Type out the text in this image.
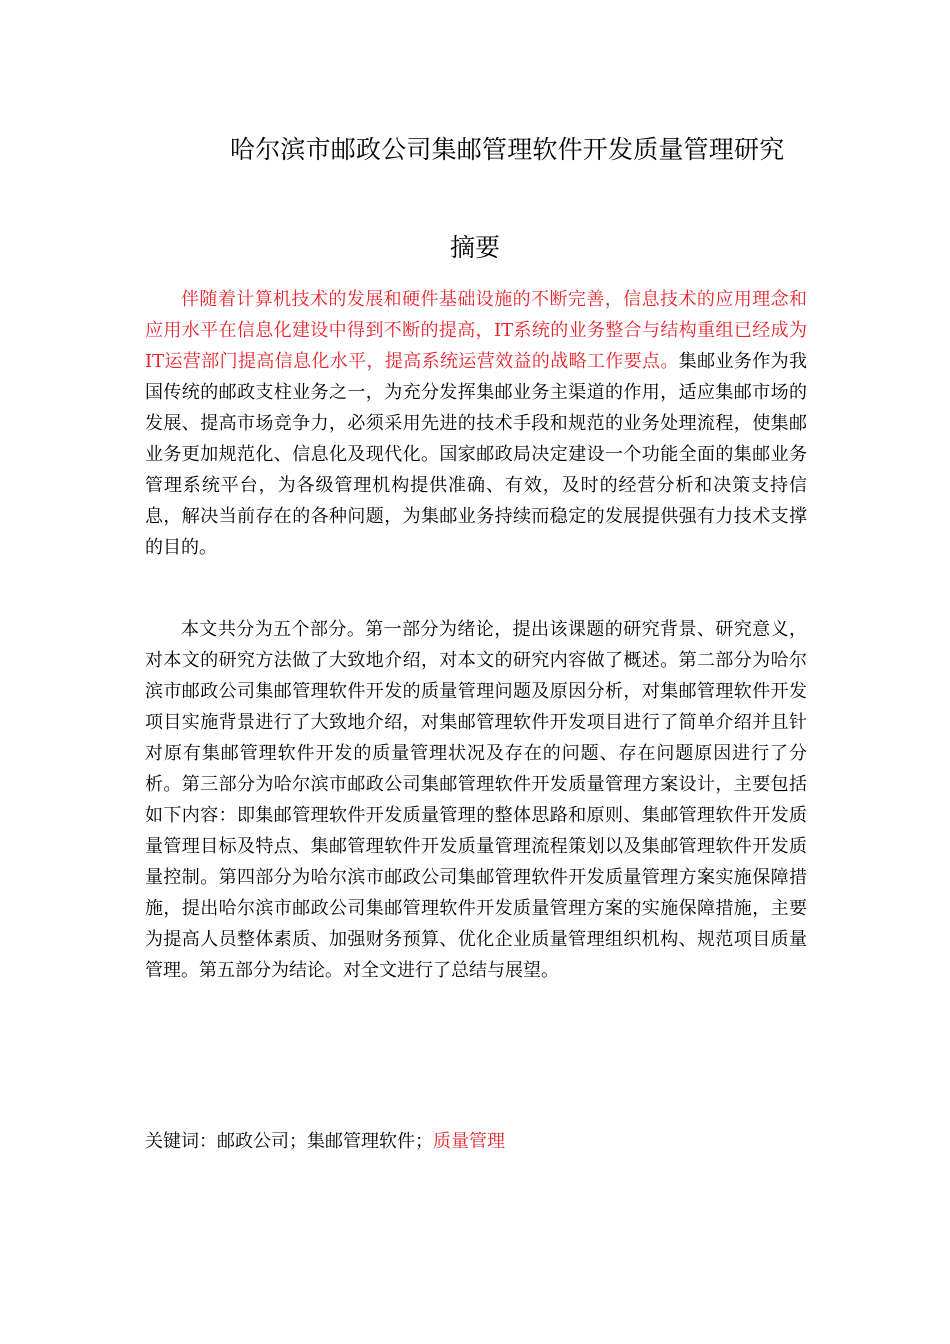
哈尔滨市邮政公司集邮管理软件开发质量管理研究
摘要

伴随着计算机技术的发展和硬件基础设施的不断完善，信息技术的应用理念和应用水平在信息化建设中得到不断的提高，IT系统的业务整合与结构重组已经成为IT运营部门提高信息化水平，提高系统运营效益的战略工作要点。集邮业务作为我国传统的邮政支柱业务之一，为充分发挥集邮业务主渠道的作用，适应集邮市场的发展、提高市场竞争力，必须采用先进的技术手段和规范的业务处理流程，使集邮业务更加规范化、信息化及现代化。国家邮政局决定建设一个功能全面的集邮业务管理系统平台，为各级管理机构提供准确、有效，及时的经营分析和决策支持信息，解决当前存在的各种问题，为集邮业务持续而稳定的发展提供强有力技术支撑的目的。

本文共分为五个部分。第一部分为绪论，提出该课题的研究背景、研究意义，对本文的研究方法做了大致地介绍，对本文的研究内容做了概述。第二部分为哈尔滨市邮政公司集邮管理软件开发的质量管理问题及原因分析，对集邮管理软件开发项目实施背景进行了大致地介绍，对集邮管理软件开发项目进行了简单介绍并且针对原有集邮管理软件开发的质量管理状况及存在的问题、存在问题原因进行了分析。第三部分为哈尔滨市邮政公司集邮管理软件开发质量管理方案设计，主要包括如下内容：即集邮管理软件开发质量管理的整体思路和原则、集邮管理软件开发质量管理目标及特点、集邮管理软件开发质量管理流程策划以及集邮管理软件开发质量控制。第四部分为哈尔滨市邮政公司集邮管理软件开发质量管理方案实施保障措施，提出哈尔滨市邮政公司集邮管理软件开发质量管理方案的实施保障措施，主要为提高人员整体素质、加强财务预算、优化企业质量管理组织机构、规范项目质量管理。第五部分为结论。对全文进行了总结与展望。

关键词：邮政公司；集邮管理软件；质量管理
